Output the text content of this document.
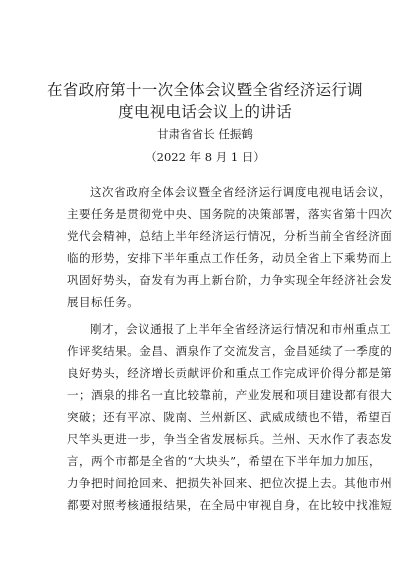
在省政府第十一次全体会议暨全省经济运行调
度电视电话会议上的讲话
甘肃省省长 任振鹤
（2022 年 8 月 1 日）
这次省政府全体会议暨全省经济运行调度电视电话会议，
主要任务是贯彻党中央、国务院的决策部署，落实省第十四次
党代会精神，总结上半年经济运行情况，分析当前全省经济面
临的形势，安排下半年重点工作任务，动员全省上下乘势而上
巩固好势头，奋发有为再上新台阶，力争实现全年经济社会发
展目标任务。
刚才，会议通报了上半年全省经济运行情况和市州重点工
作评奖结果。金昌、酒泉作了交流发言，金昌延续了一季度的
良好势头，经济增长贡献评价和重点工作完成评价得分都是第
一；酒泉的排名一直比较靠前，产业发展和项目建设都有很大
突破；还有平凉、陇南、兰州新区、武威成绩也不错，希望百
尺竿头更进一步，争当全省发展标兵。兰州、天水作了表态发
言，两个市都是全省的“大块头”，希望在下半年加力加压，
力争把时间抢回来、把损失补回来、把位次提上去。其他市州
都要对照考核通报结果，在全局中审视自身，在比较中找准短
